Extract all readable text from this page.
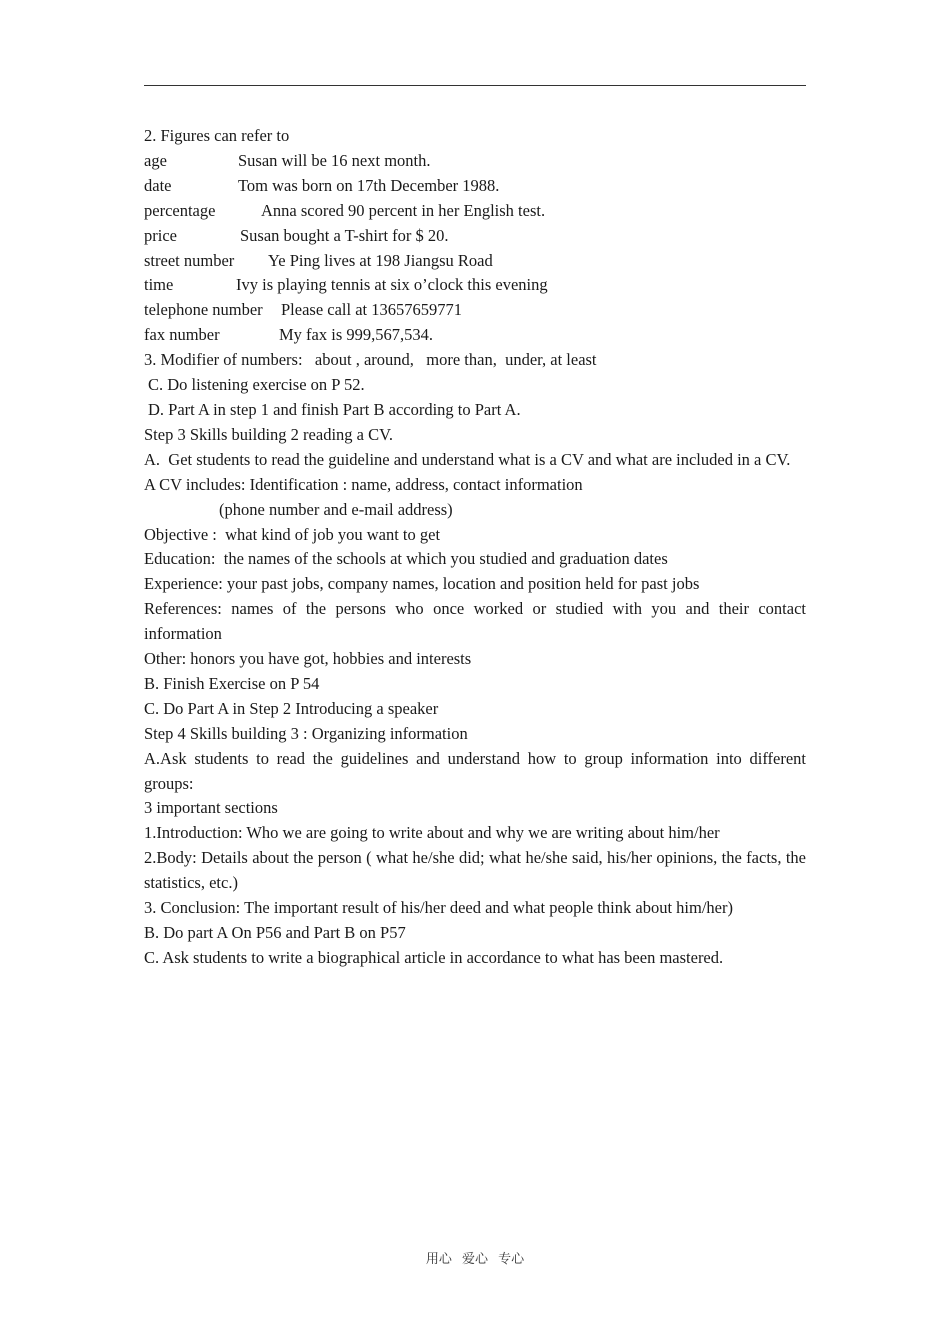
2. Figures can refer to
age	Susan will be 16 next month.
date	Tom was born on 17th December 1988.
percentage	Anna scored 90 percent in her English test.
price	Susan bought a T-shirt for $ 20.
street number	Ye Ping lives at 198 Jiangsu Road
time	Ivy is playing tennis at six o’clock this evening
telephone number	Please call at 13657659771
fax number	My fax is 999,567,534.
3. Modifier of numbers:   about , around,   more than,  under, at least
C. Do listening exercise on P 52.
D. Part A in step 1 and finish Part B according to Part A.
Step 3 Skills building 2 reading a CV.
A.  Get students to read the guideline and understand what is a CV and what are included in a CV.
A CV includes: Identification : name, address, contact information
(phone number and e-mail address)
Objective :  what kind of job you want to get
Education:  the names of the schools at which you studied and graduation dates
Experience: your past jobs, company names, location and position held for past jobs
References: names of the persons who once worked or studied with you and their contact information
Other: honors you have got, hobbies and interests
B. Finish Exercise on P 54
C. Do Part A in Step 2 Introducing a speaker
Step 4 Skills building 3 : Organizing information
A.Ask students to read the guidelines and understand how to group information into different groups:
3 important sections
1.Introduction: Who we are going to write about and why we are writing about him/her
2.Body: Details about the person ( what he/she did; what he/she said, his/her opinions, the facts, the statistics, etc.)
3. Conclusion: The important result of his/her deed and what people think about him/her)
B. Do part A On P56 and Part B on P57
C. Ask students to write a biographical article in accordance to what has been mastered.
用心 爱心 专心
